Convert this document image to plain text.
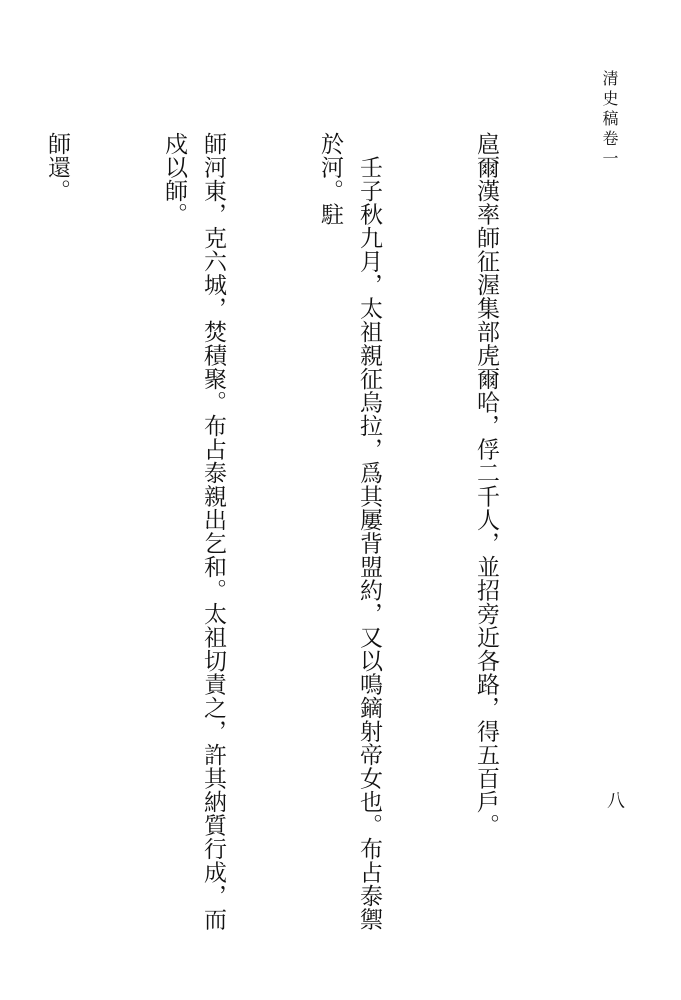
清史稿卷一
八

扈爾漢率師征渥集部虎爾哈，俘二千人，並招旁近各路，得五百戶。

　壬子秋九月，太祖親征烏拉，爲其屢背盟約，又以鳴鏑射帝女也。布占泰禦於河。駐

師河東，克六城，焚積聚。布占泰親出乞和。太祖切責之，許其納質行成，而戍以師。

師還。
